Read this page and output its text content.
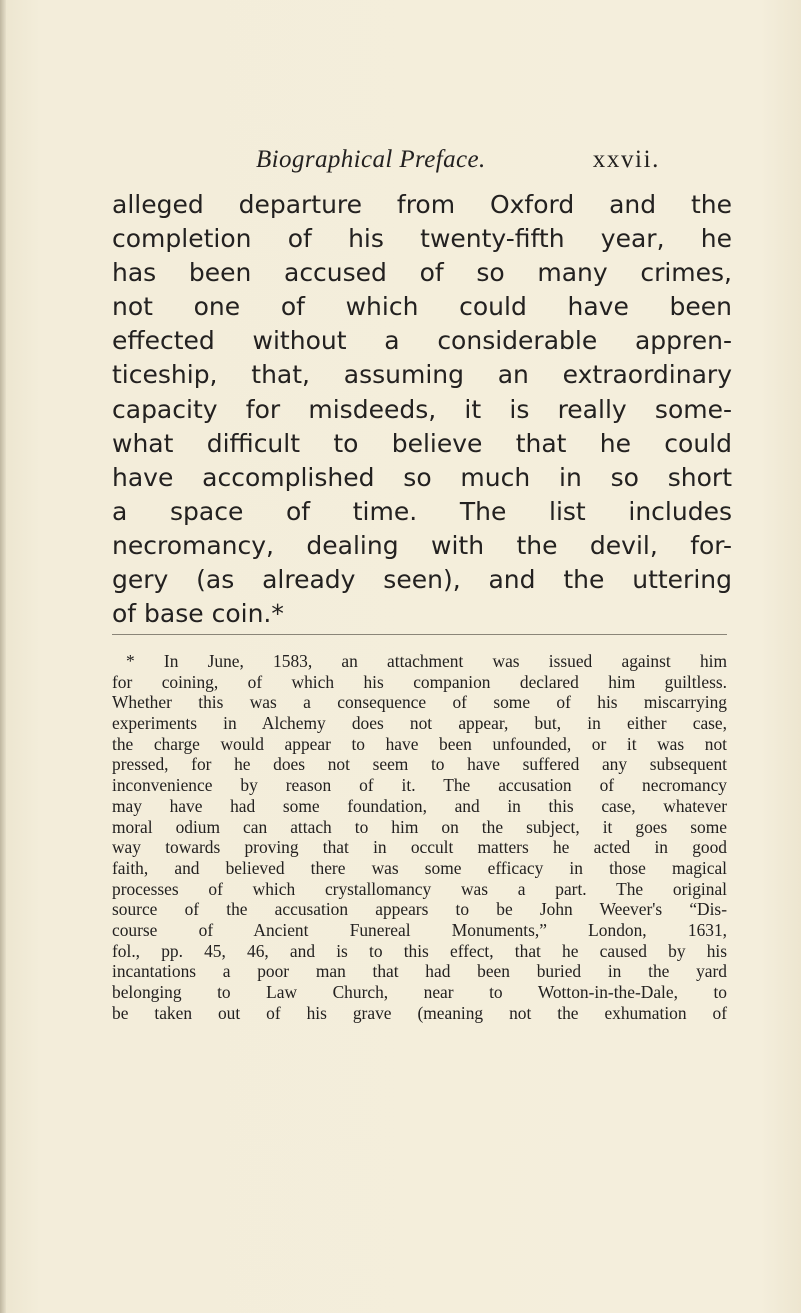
Biographical Preface.	xxvii.
alleged departure from Oxford and the
completion of his twenty-fifth year, he
has been accused of so many crimes,
not one of which could have been
effected without a considerable appren-
ticeship, that, assuming an extraordinary
capacity for misdeeds, it is really some-
what difficult to believe that he could
have accomplished so much in so short
a space of time. The list includes
necromancy, dealing with the devil, for-
gery (as already seen), and the uttering
of base coin.*
* In June, 1583, an attachment was issued against him
for coining, of which his companion declared him guiltless.
Whether this was a consequence of some of his miscarrying
experiments in Alchemy does not appear, but, in either case,
the charge would appear to have been unfounded, or it was not
pressed, for he does not seem to have suffered any subsequent
inconvenience by reason of it. The accusation of necromancy
may have had some foundation, and in this case, whatever
moral odium can attach to him on the subject, it goes some
way towards proving that in occult matters he acted in good
faith, and believed there was some efficacy in those magical
processes of which crystallomancy was a part. The original
source of the accusation appears to be John Weever's “Dis-
course of Ancient Funereal Monuments,” London, 1631,
fol., pp. 45, 46, and is to this effect, that he caused by his
incantations a poor man that had been buried in the yard
belonging to Law Church, near to Wotton-in-the-Dale, to
be taken out of his grave (meaning not the exhumation of
